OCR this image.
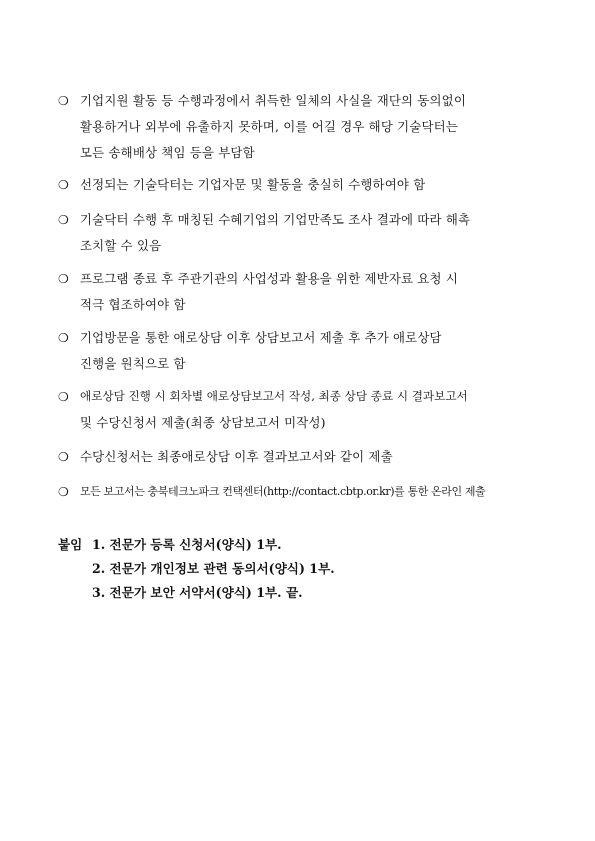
❍ 기업지원 활동 등 수행과정에서 취득한 일체의 사실을 재단의 동의없이
활용하거나 외부에 유출하지 못하며, 이를 어길 경우 해당 기술닥터는
모든 송해배상 책임 등을 부담함
❍ 선정되는 기술닥터는 기업자문 및 활동을 충실히 수행하여야 함
❍ 기술닥터 수행 후 매칭된 수혜기업의 기업만족도 조사 결과에 따라 해촉
조치할 수 있음
❍ 프로그램 종료 후 주관기관의 사업성과 활용을 위한 제반자료 요청 시
적극 협조하여야 함
❍ 기업방문을 통한 애로상담 이후 상담보고서 제출 후 추가 애로상담
진행을 원칙으로 함
❍ 애로상담 진행 시 회차별 애로상담보고서 작성, 최종 상담 종료 시 결과보고서
및 수당신청서 제출(최종 상담보고서 미작성)
❍ 수당신청서는 최종애로상담 이후 결과보고서와 같이 제출
❍ 모든 보고서는 충북테크노파크 컨택센터(http://contact.cbtp.or.kr)를 통한 온라인 제출
붙임 1. 전문가 등록 신청서(양식) 1부.
2. 전문가 개인정보 관련 동의서(양식) 1부.
3. 전문가 보안 서약서(양식) 1부. 끝.
